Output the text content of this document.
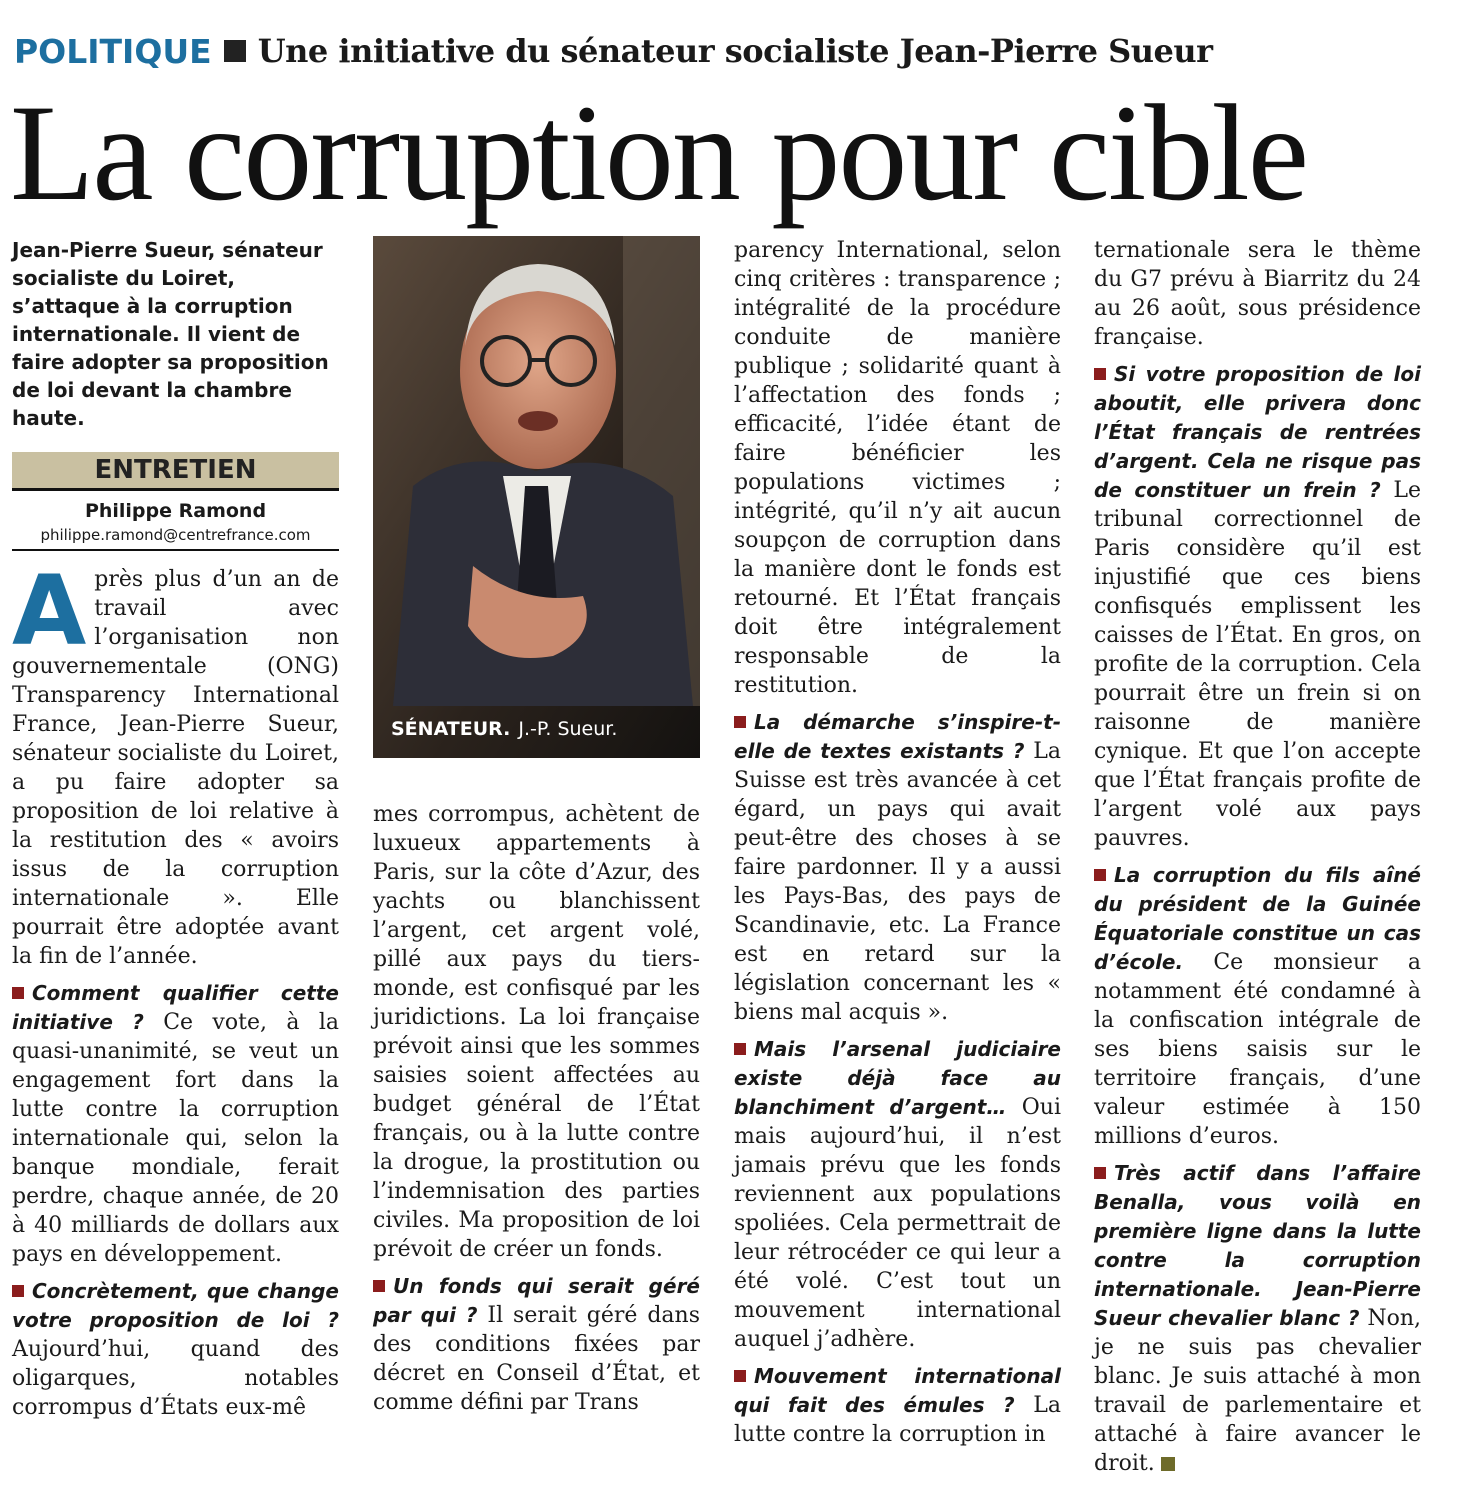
POLITIQUE Une initiative du sénateur socialiste Jean-Pierre Sueur
La corruption pour cible

Jean-Pierre Sueur, sénateur socialiste du Loiret, s’attaque à la corruption internationale. Il vient de faire adopter sa proposition de loi devant la chambre haute.

ENTRETIEN

Philippe Ramond

philippe.ramond@centrefrance.com

Après plus d’un an de travail avec l’organisation non gouvernementale (ONG) Transparency International France, Jean-Pierre Sueur, sénateur socialiste du Loiret, a pu faire adopter sa proposition de loi relative à la restitution des « avoirs issus de la corruption internationale ». Elle pourrait être adoptée avant la fin de l’année.

Comment qualifier cette initiative ? Ce vote, à la quasi-unanimité, se veut un engagement fort dans la lutte contre la corruption internationale qui, selon la banque mondiale, ferait perdre, chaque année, de 20 à 40 milliards de dollars aux pays en développement.

Concrètement, que change votre proposition de loi ? Aujourd’hui, quand des oligarques, notables corrompus d’États eux-mê

SÉNATEUR. J.-P. Sueur.

mes corrompus, achètent de luxueux appartements à Paris, sur la côte d’Azur, des yachts ou blanchissent l’argent, cet argent volé, pillé aux pays du tiers-monde, est confisqué par les juridictions. La loi française prévoit ainsi que les sommes saisies soient affectées au budget général de l’État français, ou à la lutte contre la drogue, la prostitution ou l’indemnisation des parties civiles. Ma proposition de loi prévoit de créer un fonds.

Un fonds qui serait géré par qui ? Il serait géré dans des conditions fixées par décret en Conseil d’État, et comme défini par Trans

parency International, selon cinq critères : transparence ; intégralité de la procédure conduite de manière publique ; solidarité quant à l’affectation des fonds ; efficacité, l’idée étant de faire bénéficier les populations victimes ; intégrité, qu’il n’y ait aucun soupçon de corruption dans la manière dont le fonds est retourné. Et l’État français doit être intégralement responsable de la restitution.

La démarche s’inspire-t-elle de textes existants ? La Suisse est très avancée à cet égard, un pays qui avait peut-être des choses à se faire pardonner. Il y a aussi les Pays-Bas, des pays de Scandinavie, etc. La France est en retard sur la législation concernant les « biens mal acquis ».

Mais l’arsenal judiciaire existe déjà face au blanchiment d’argent… Oui mais aujourd’hui, il n’est jamais prévu que les fonds reviennent aux populations spoliées. Cela permettrait de leur rétrocéder ce qui leur a été volé. C’est tout un mouvement international auquel j’adhère.

Mouvement international qui fait des émules ? La lutte contre la corruption in

ternationale sera le thème du G7 prévu à Biarritz du 24 au 26 août, sous présidence française.

Si votre proposition de loi aboutit, elle privera donc l’État français de rentrées d’argent. Cela ne risque pas de constituer un frein ? Le tribunal correctionnel de Paris considère qu’il est injustifié que ces biens confisqués emplissent les caisses de l’État. En gros, on profite de la corruption. Cela pourrait être un frein si on raisonne de manière cynique. Et que l’on accepte que l’État français profite de l’argent volé aux pays pauvres.

La corruption du fils aîné du président de la Guinée Équatoriale constitue un cas d’école. Ce monsieur a notamment été condamné à la confiscation intégrale de ses biens saisis sur le territoire français, d’une valeur estimée à 150 millions d’euros.

Très actif dans l’affaire Benalla, vous voilà en première ligne dans la lutte contre la corruption internationale. Jean-Pierre Sueur chevalier blanc ? Non, je ne suis pas chevalier blanc. Je suis attaché à mon travail de parlementaire et attaché à faire avancer le droit.
